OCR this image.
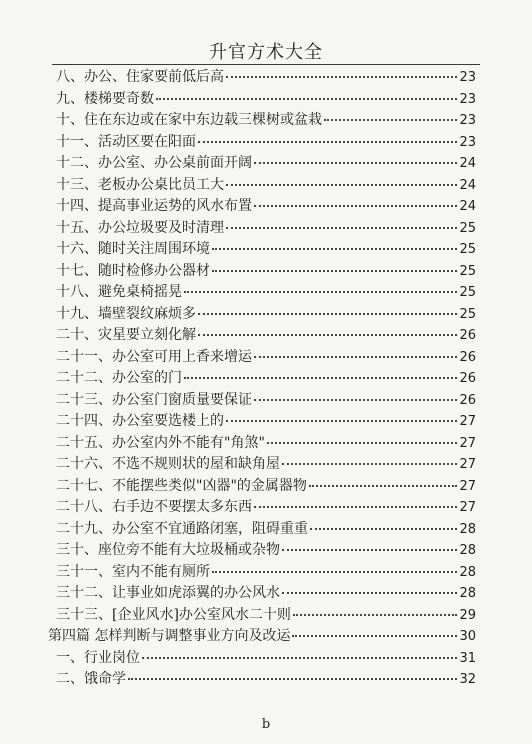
升官方术大全
八、办公、住家要前低后高	23
九、楼梯要奇数	23
十、住在东边或在家中东边载三棵树或盆栽	23
十一、活动区要在阳面	23
十二、办公室、办公桌前面开阔	24
十三、老板办公桌比员工大	24
十四、提高事业运势的风水布置	24
十五、办公垃圾要及时清理	25
十六、随时关注周围环境	25
十七、随时检修办公器材	25
十八、避免桌椅摇晃	25
十九、墙壁裂纹麻烦多	25
二十、灾星要立刻化解	26
二十一、办公室可用上香来增运	26
二十二、办公室的门	26
二十三、办公室门窗质量要保证	26
二十四、办公室要选楼上的	27
二十五、办公室内外不能有"角煞"	27
二十六、不选不规则状的屋和缺角屋	27
二十七、不能摆些类似"凶器"的金属器物	27
二十八、右手边不要摆太多东西	27
二十九、办公室不宜通路闭塞，阻碍重重	28
三十、座位旁不能有大垃圾桶或杂物	28
三十一、室内不能有厕所	28
三十二、让事业如虎添翼的办公风水	28
三十三、[企业风水]办公室风水二十则	29
第四篇 怎样判断与调整事业方向及改运	30
一、行业岗位	31
二、饿命学	32
b
